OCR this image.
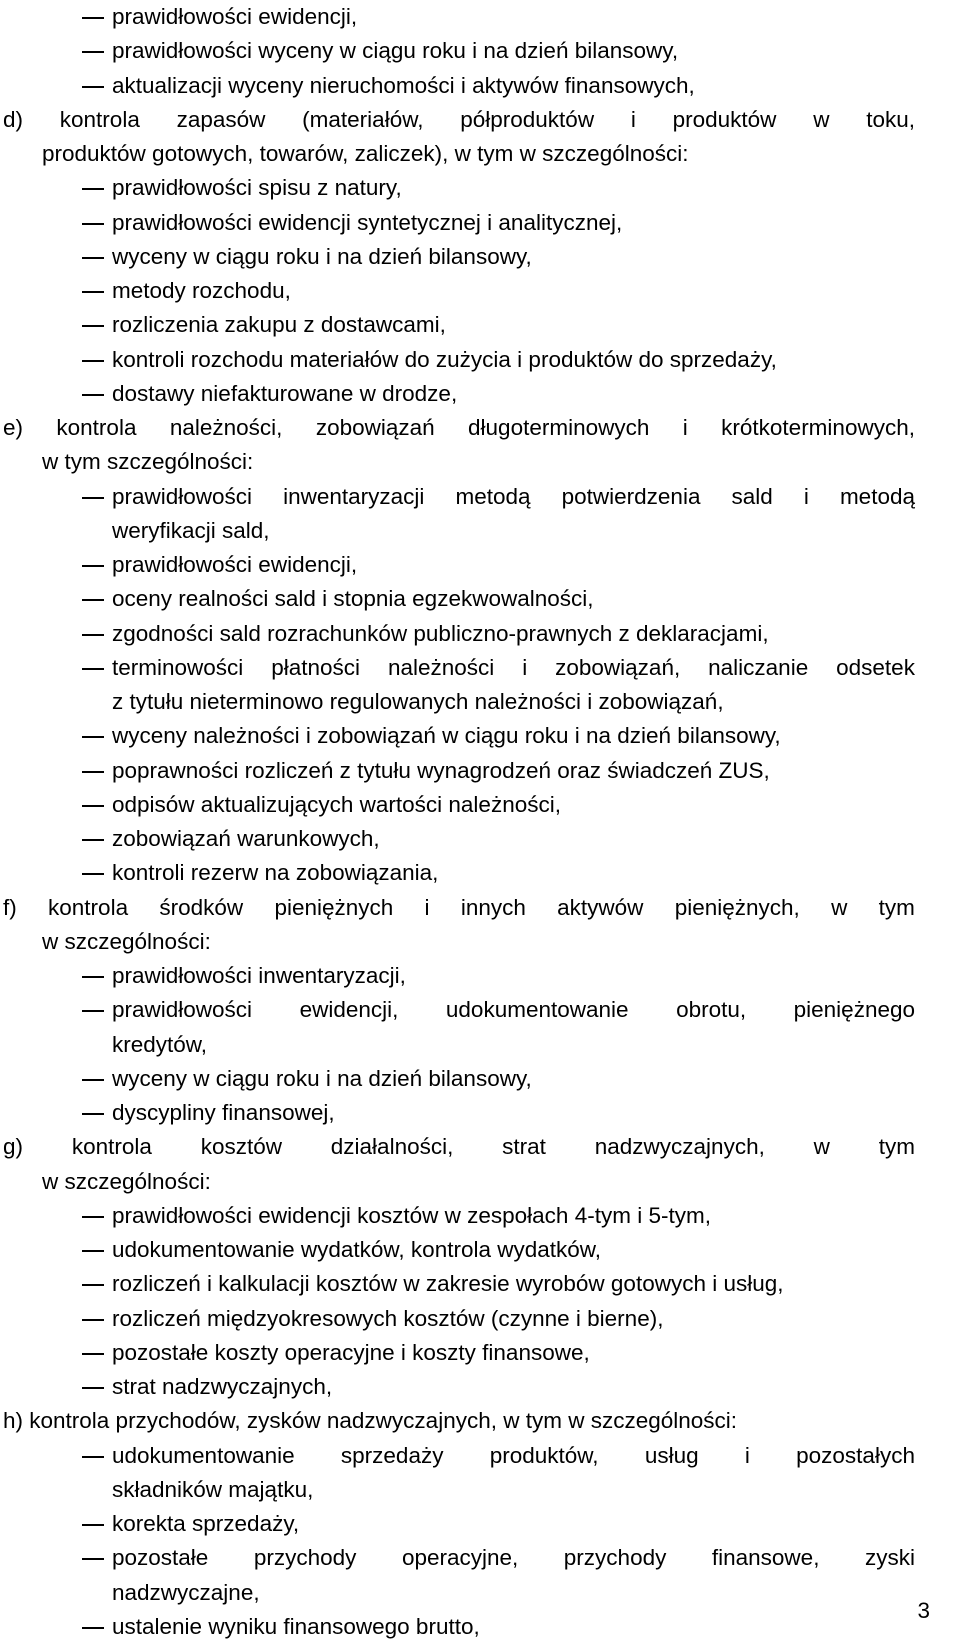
prawidłowości ewidencji,
prawidłowości wyceny w ciągu roku i na dzień bilansowy,
aktualizacji wyceny nieruchomości i aktywów finansowych,
d) kontrola zapasów (materiałów, półproduktów i produktów w toku,
produktów gotowych, towarów, zaliczek), w tym w szczególności:
prawidłowości spisu z natury,
prawidłowości ewidencji syntetycznej i analitycznej,
wyceny w ciągu roku i na dzień bilansowy,
metody rozchodu,
rozliczenia zakupu z dostawcami,
kontroli rozchodu materiałów do zużycia i produktów do sprzedaży,
dostawy niefakturowane w drodze,
e) kontrola należności, zobowiązań długoterminowych i krótkoterminowych,
w tym szczególności:
prawidłowości inwentaryzacji metodą potwierdzenia sald i metodą
weryfikacji sald,
prawidłowości ewidencji,
oceny realności sald i stopnia egzekwowalności,
zgodności sald rozrachunków publiczno-prawnych z deklaracjami,
terminowości płatności należności i zobowiązań, naliczanie odsetek
z tytułu nieterminowo regulowanych należności i zobowiązań,
wyceny należności i zobowiązań w ciągu roku i na dzień bilansowy,
poprawności rozliczeń z tytułu wynagrodzeń oraz świadczeń ZUS,
odpisów aktualizujących wartości należności,
zobowiązań warunkowych,
kontroli rezerw na zobowiązania,
f) kontrola środków pieniężnych i innych aktywów pieniężnych, w tym
w szczególności:
prawidłowości inwentaryzacji,
prawidłowości ewidencji, udokumentowanie obrotu, pieniężnego
kredytów,
wyceny w ciągu roku i na dzień bilansowy,
dyscypliny finansowej,
g) kontrola kosztów działalności, strat nadzwyczajnych, w tym
w szczególności:
prawidłowości ewidencji kosztów w zespołach 4-tym i 5-tym,
udokumentowanie wydatków, kontrola wydatków,
rozliczeń i kalkulacji kosztów w zakresie wyrobów gotowych i usług,
rozliczeń międzyokresowych kosztów (czynne i bierne),
pozostałe koszty operacyjne i koszty finansowe,
strat nadzwyczajnych,
h) kontrola przychodów, zysków nadzwyczajnych, w tym w szczególności:
udokumentowanie sprzedaży produktów, usług i pozostałych
składników majątku,
korekta sprzedaży,
pozostałe przychody operacyjne, przychody finansowe, zyski
nadzwyczajne,
ustalenie wyniku finansowego brutto,
3
